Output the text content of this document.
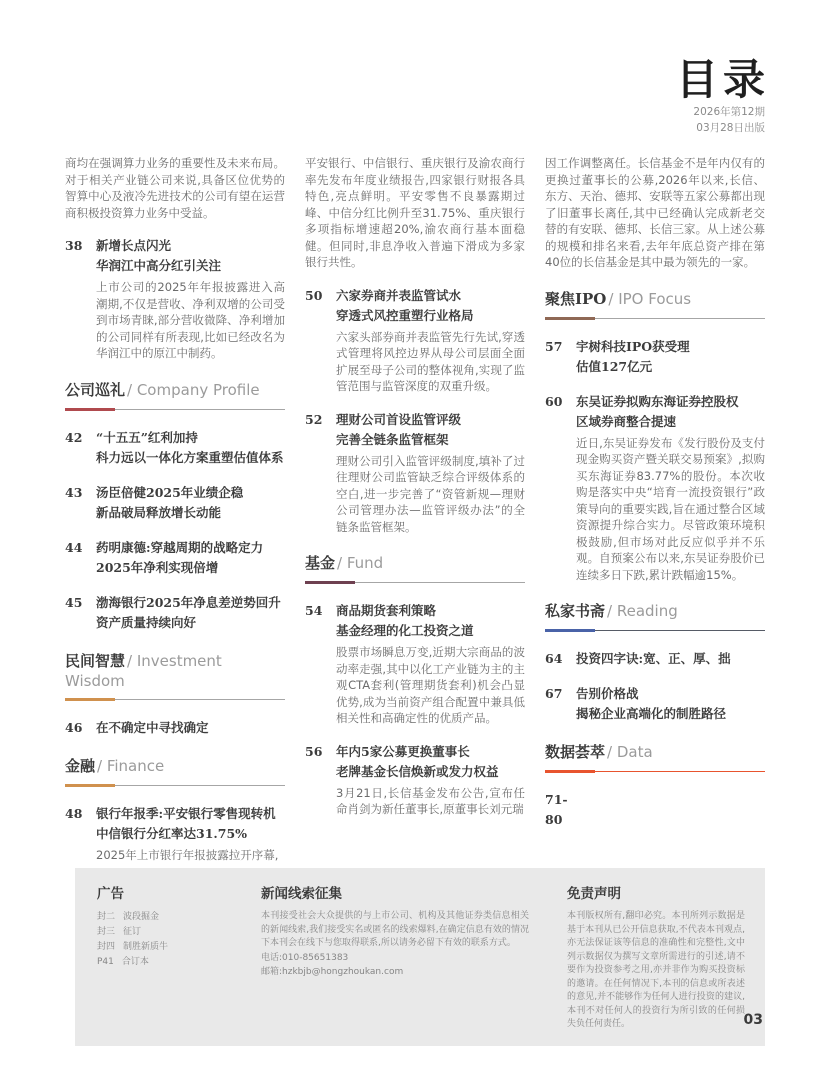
目录
2026年第12期
03月28日出版

商均在强调算力业务的重要性及未来布局。对于相关产业链公司来说,具备区位优势的智算中心及液冷先进技术的公司有望在运营商积极投资算力业务中受益。

38	新增长点闪光
华润江中高分红引关注

上市公司的2025年年报披露进入高潮期,不仅是营收、净利双增的公司受到市场青睐,部分营收微降、净利增加的公司同样有所表现,比如已经改名为华润江中的原江中制药。

公司巡礼 / Company Profile
42	“十五五”红利加持
科力远以一体化方案重塑估值体系
43	汤臣倍健2025年业绩企稳
新品破局释放增长动能
44	药明康德:穿越周期的战略定力
2025年净利实现倍增
45	渤海银行2025年净息差逆势回升
资产质量持续向好
民间智慧 / Investment Wisdom
46	在不确定中寻找确定
金融 / Finance
48	银行年报季:平安银行零售现转机
中信银行分红率达31.75%

2025年上市银行年报披露拉开序幕,

平安银行、中信银行、重庆银行及渝农商行率先发布年度业绩报告,四家银行财报各具特色,亮点鲜明。平安零售不良暴露期过峰、中信分红比例升至31.75%、重庆银行多项指标增速超20%,渝农商行基本面稳健。但同时,非息净收入普遍下滑成为多家银行共性。

50	六家券商并表监管试水
穿透式风控重塑行业格局

六家头部券商并表监管先行先试,穿透式管理将风控边界从母公司层面全面扩展至母子公司的整体视角,实现了监管范围与监管深度的双重升级。

52	理财公司首设监管评级
完善全链条监管框架

理财公司引入监管评级制度,填补了过往理财公司监管缺乏综合评级体系的空白,进一步完善了“资管新规—理财公司管理办法—监管评级办法”的全链条监管框架。

基金 / Fund
54	商品期货套利策略
基金经理的化工投资之道

股票市场瞬息万变,近期大宗商品的波动率走强,其中以化工产业链为主的主观CTA套利(管理期货套利)机会凸显优势,成为当前资产组合配置中兼具低相关性和高确定性的优质产品。

56	年内5家公募更换董事长
老牌基金长信焕新或发力权益

3月21日,长信基金发布公告,宣布任命肖剑为新任董事长,原董事长刘元瑞

因工作调整离任。长信基金不是年内仅有的更换过董事长的公募,2026年以来,长信、东方、天治、德邦、安联等五家公募都出现了旧董事长离任,其中已经确认完成新老交替的有安联、德邦、长信三家。从上述公募的规模和排名来看,去年年底总资产排在第40位的长信基金是其中最为领先的一家。

聚焦IPO / IPO Focus
57	宇树科技IPO获受理
估值127亿元
60	东吴证券拟购东海证券控股权
区域券商整合提速

近日,东吴证券发布《发行股份及支付现金购买资产暨关联交易预案》,拟购买东海证券83.77%的股份。本次收购是落实中央“培育一流投资银行”政策导向的重要实践,旨在通过整合区域资源提升综合实力。尽管政策环境积极鼓励,但市场对此反应似乎并不乐观。自预案公布以来,东吴证券股价已连续多日下跌,累计跌幅逾15%。

私家书斋 / Reading
64	投资四字诀:宽、正、厚、拙
67	告别价格战
揭秘企业高端化的制胜路径
数据荟萃 / Data
71-80
广告
封二 波段掘金
封三 征订
封四 制胜新质牛
P41 合订本
新闻线索征集

本刊接受社会大众提供的与上市公司、机构及其他证券类信息相关的新闻线索,我们接受实名或匿名的线索爆料,在确定信息有效的情况下本刊会在线下与您取得联系,所以请务必留下有效的联系方式。

电话:010-85651383
邮箱:hzkbjb@hongzhoukan.com
免责声明

本刊版权所有,翻印必究。本刊所列示数据是基于本刊从已公开信息获取,不代表本刊观点,亦无法保证该等信息的准确性和完整性,文中列示数据仅为撰写文章所需进行的引述,请不要作为投资参考之用,亦并非作为购买投资标的邀请。在任何情况下,本刊的信息或所表述的意见,并不能够作为任何人进行投资的建议,本刊不对任何人的投资行为所引致的任何损失负任何责任。	03
